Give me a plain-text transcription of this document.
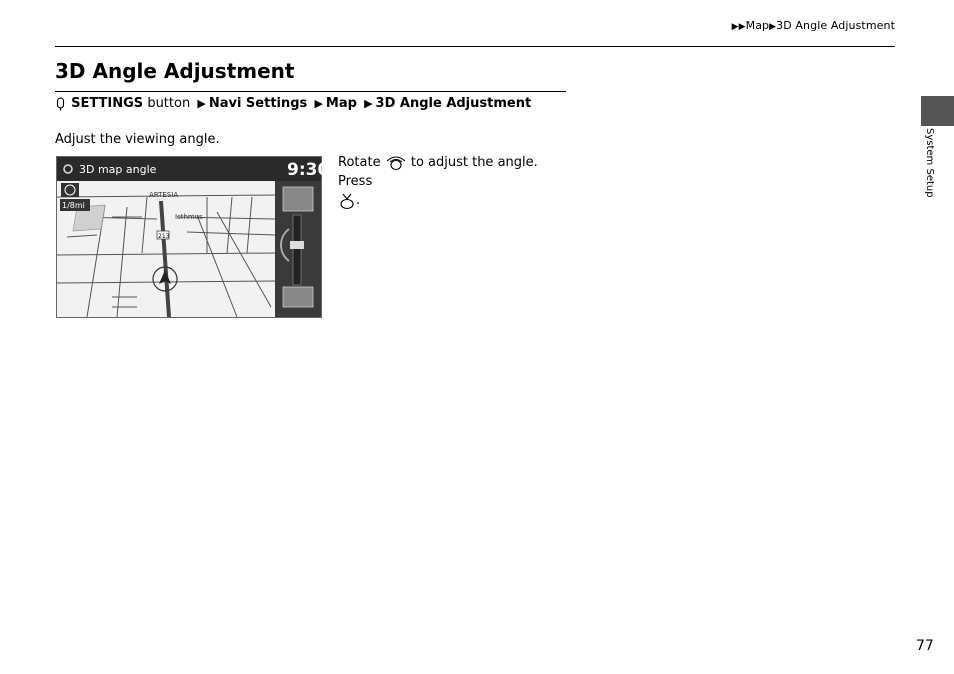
▶▶Map▶3D Angle Adjustment
3D Angle Adjustment
SETTINGS button ▶ Navi Settings ▶ Map ▶ 3D Angle Adjustment
Adjust the viewing angle.
ARTESIA
Isthmus
213
3D map angle	9:30
1/8mi
Rotate to adjust the angle. Press
.
System Setup
77
